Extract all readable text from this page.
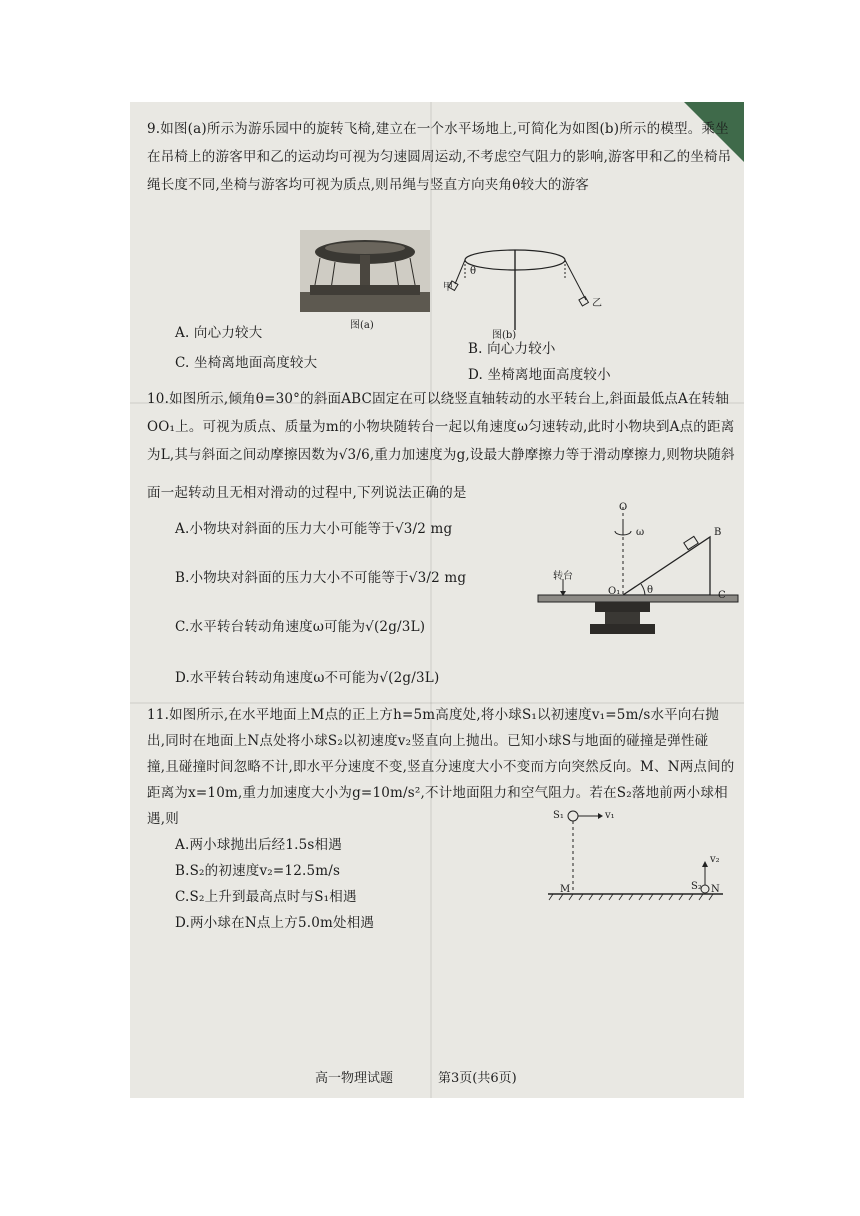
9.如图(a)所示为游乐园中的旋转飞椅,建立在一个水平场地上,可简化为如图(b)所示的模型。乘坐
在吊椅上的游客甲和乙的运动均可视为匀速圆周运动,不考虑空气阻力的影响,游客甲和乙的坐椅吊
绳长度不同,坐椅与游客均可视为质点,则吊绳与竖直方向夹角θ较大的游客
图(a)
甲
乙
θ
图(b)
A. 向心力较大
B. 向心力较小
C. 坐椅离地面高度较大
D. 坐椅离地面高度较小
10.如图所示,倾角θ=30°的斜面ABC固定在可以绕竖直轴转动的水平转台上,斜面最低点A在转轴
OO₁上。可视为质点、质量为m的小物块随转台一起以角速度ω匀速转动,此时小物块到A点的距离
为L,其与斜面之间动摩擦因数为√3/6,重力加速度为g,设最大静摩擦力等于滑动摩擦力,则物块随斜
面一起转动且无相对滑动的过程中,下列说法正确的是
A.小物块对斜面的压力大小可能等于√3/2 mg
B.小物块对斜面的压力大小不可能等于√3/2 mg
C.水平转台转动角速度ω可能为√(2g/3L)
D.水平转台转动角速度ω不可能为√(2g/3L)
O
ω	B
θ
O₁	C
转台
11.如图所示,在水平地面上M点的正上方h=5m高度处,将小球S₁以初速度v₁=5m/s水平向右抛
出,同时在地面上N点处将小球S₂以初速度v₂竖直向上抛出。已知小球S与地面的碰撞是弹性碰
撞,且碰撞时间忽略不计,即水平分速度不变,竖直分速度大小不变而方向突然反向。M、N两点间的
距离为x=10m,重力加速度大小为g=10m/s²,不计地面阻力和空气阻力。若在S₂落地前两小球相
遇,则
A.两小球抛出后经1.5s相遇
B.S₂的初速度v₂=12.5m/s
C.S₂上升到最高点时与S₁相遇
D.两小球在N点上方5.0m处相遇
S₁	v₁
v₂
S₂
M	N
高一物理试题	第3页(共6页)
